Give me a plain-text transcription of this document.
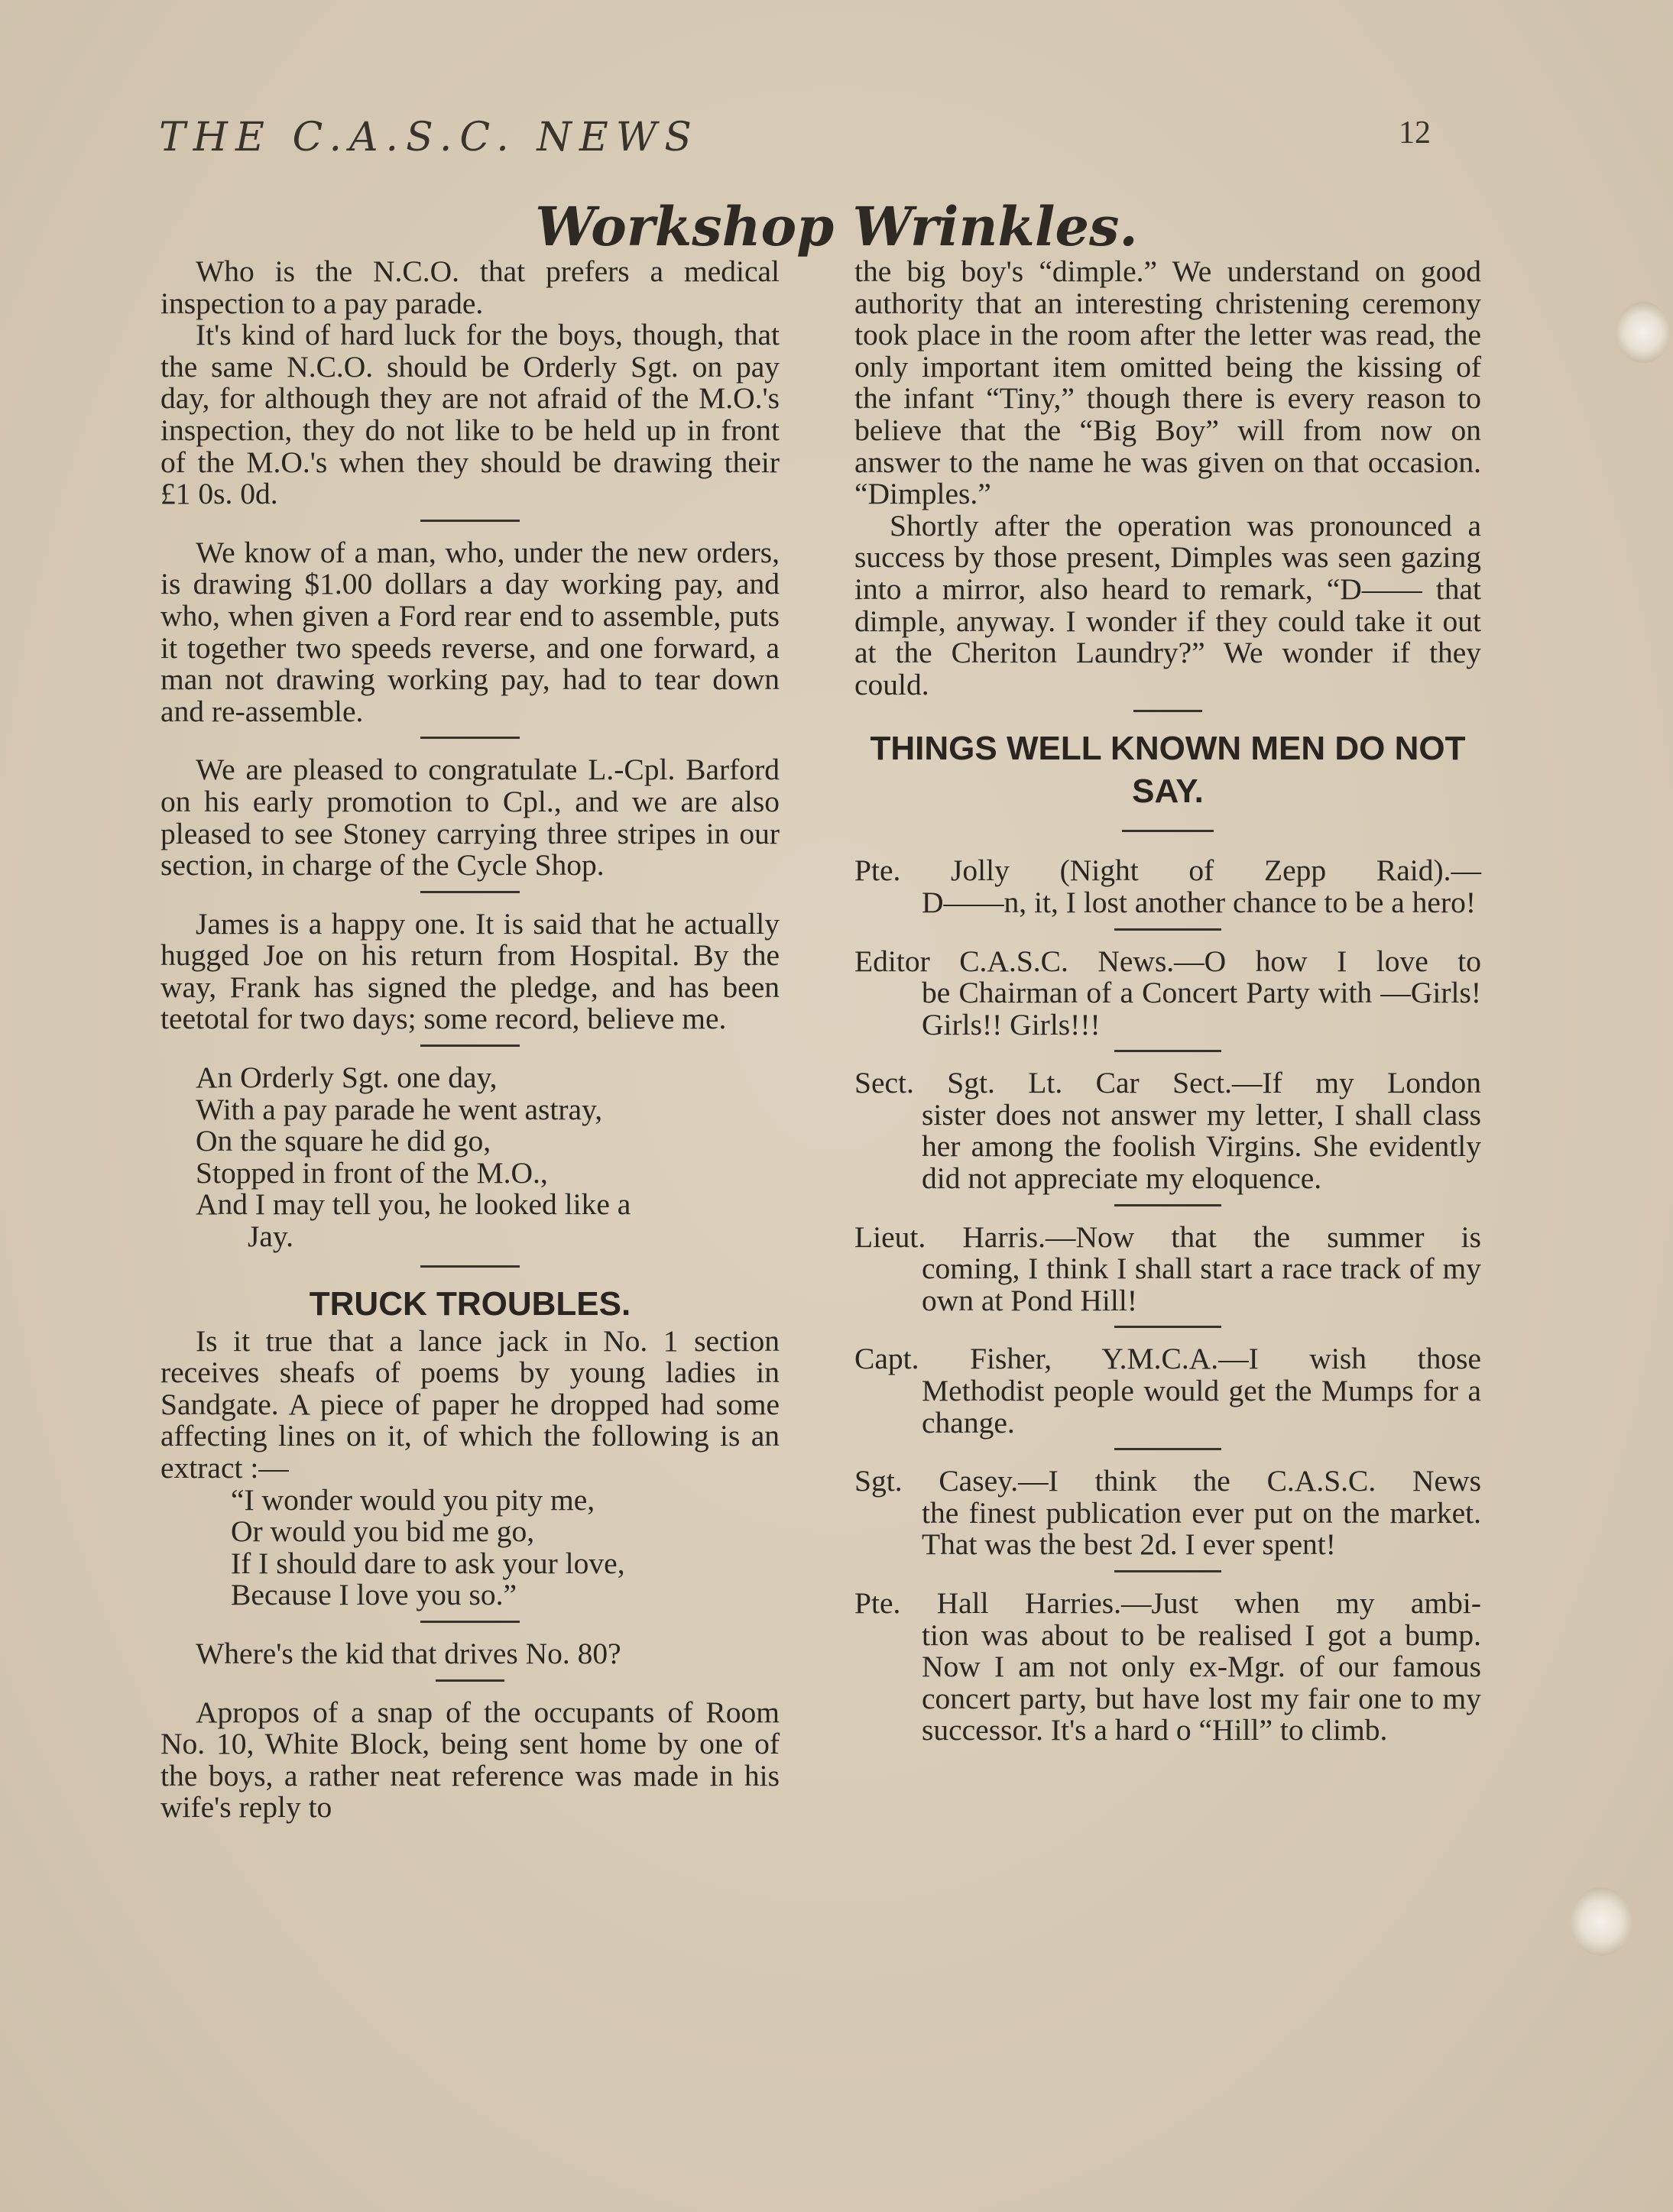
THE C.A.S.C. NEWS	12
Workshop Wrinkles.

Who is the N.C.O. that prefers a medical inspection to a pay parade.

It's kind of hard luck for the boys, though, that the same N.C.O. should be Orderly Sgt. on pay day, for although they are not afraid of the M.O.'s inspection, they do not like to be held up in front of the M.O.'s when they should be drawing their £1 0s. 0d.

We know of a man, who, under the new orders, is drawing $1.00 dollars a day working pay, and who, when given a Ford rear end to assemble, puts it together two speeds reverse, and one forward, a man not drawing working pay, had to tear down and re-assemble.

We are pleased to congratulate L.-Cpl. Barford on his early promotion to Cpl., and we are also pleased to see Stoney carrying three stripes in our section, in charge of the Cycle Shop.

James is a happy one. It is said that he actually hugged Joe on his return from Hospital. By the way, Frank has signed the pledge, and has been teetotal for two days; some record, believe me.

An Orderly Sgt. one day,
With a pay parade he went astray,
On the square he did go,
Stopped in front of the M.O.,
And I may tell you, he looked like a
Jay.
TRUCK TROUBLES.

Is it true that a lance jack in No. 1 section receives sheafs of poems by young ladies in Sandgate. A piece of paper he dropped had some affecting lines on it, of which the following is an extract :—

“I wonder would you pity me,
Or would you bid me go,
If I should dare to ask your love,
Because I love you so.”

Where's the kid that drives No. 80?

Apropos of a snap of the occupants of Room No. 10, White Block, being sent home by one of the boys, a rather neat reference was made in his wife's reply to

the big boy's “dimple.” We understand on good authority that an interesting christening ceremony took place in the room after the letter was read, the only important item omitted being the kissing of the infant “Tiny,” though there is every reason to believe that the “Big Boy” will from now on answer to the name he was given on that occasion. “Dimples.”

Shortly after the operation was pronounced a success by those present, Dimples was seen gazing into a mirror, also heard to remark, “D—— that dimple, anyway. I wonder if they could take it out at the Cheriton Laundry?” We wonder if they could.

THINGS WELL KNOWN MEN DO NOT SAY.
Pte. Jolly (Night of Zepp Raid).—
D——n, it, I lost another chance to be a hero!
Editor C.A.S.C. News.—O how I love to
be Chairman of a Concert Party with —Girls! Girls!! Girls!!!
Sect. Sgt. Lt. Car Sect.—If my London
sister does not answer my letter, I shall class her among the foolish Virgins. She evidently did not appreciate my eloquence.
Lieut. Harris.—Now that the summer is
coming, I think I shall start a race track of my own at Pond Hill!
Capt. Fisher, Y.M.C.A.—I wish those
Methodist people would get the Mumps for a change.
Sgt. Casey.—I think the C.A.S.C. News
the finest publication ever put on the market. That was the best 2d. I ever spent!
Pte. Hall Harries.—Just when my ambi-
tion was about to be realised I got a bump. Now I am not only ex-Mgr. of our famous concert party, but have lost my fair one to my successor. It's a hard o “Hill” to climb.
